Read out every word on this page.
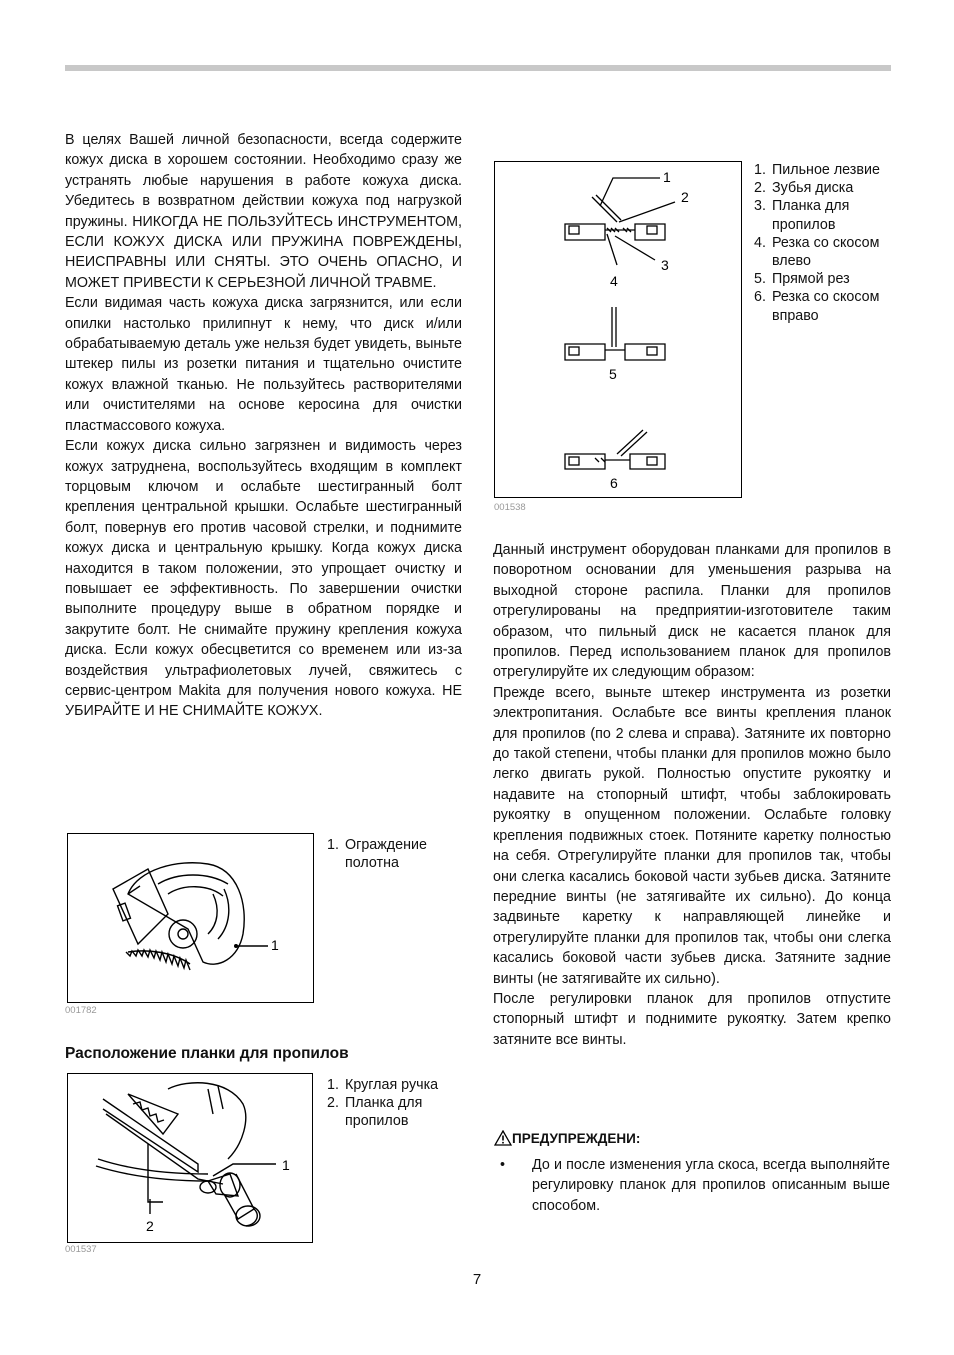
В целях Вашей личной безопасности, всегда содержите кожух диска в хорошем состоянии. Необходимо сразу же устранять любые нарушения в работе кожуха диска. Убедитесь в возвратном действии кожуха под нагрузкой пружины. НИКОГДА НЕ ПОЛЬЗУЙТЕСЬ ИНСТРУМЕНТОМ, ЕСЛИ КОЖУХ ДИСКА ИЛИ ПРУЖИНА ПОВРЕЖДЕНЫ, НЕИСПРАВНЫ ИЛИ СНЯТЫ. ЭТО ОЧЕНЬ ОПАСНО, И МОЖЕТ ПРИВЕСТИ К СЕРЬЕЗНОЙ ЛИЧНОЙ ТРАВМЕ.

Если видимая часть кожуха диска загрязнится, или если опилки настолько прилипнут к нему, что диск и/или обрабатываемую деталь уже нельзя будет увидеть, выньте штекер пилы из розетки питания и тщательно очистите кожух влажной тканью. Не пользуйтесь растворителями или очистителями на основе керосина для очистки пластмассового кожуха.

Если кожух диска сильно загрязнен и видимость через кожух затруднена, воспользуйтесь входящим в комплект торцовым ключом и ослабьте шестигранный болт крепления центральной крышки. Ослабьте шестигранный болт, повернув его против часовой стрелки, и поднимите кожух диска и центральную крышку. Когда кожух диска находится в таком положении, это упрощает очистку и повышает ее эффективность. По завершении очистки выполните процедуру выше в обратном порядке и закрутите болт. Не снимайте пружину крепления кожуха диска. Если кожух обесцветится со временем или из-за воздействия ультрафиолетовых лучей, свяжитесь с сервис-центром Makita для получения нового кожуха. НЕ УБИРАЙТЕ И НЕ СНИМАЙТЕ КОЖУХ.

1
001782
1. Ограждение полотна
Расположение планки для пропилов
1
2
001537
1. Круглая ручка
2. Планка для пропилов
1
2
3
4
5
6
001538
1. Пильное лезвие
2. Зубья диска
3. Планка для пропилов
4. Резка со скосом влево
5. Прямой рез
6. Резка со скосом вправо

Данный инструмент оборудован планками для пропилов в поворотном основании для уменьшения разрыва на выходной стороне распила. Планки для пропилов отрегулированы на предприятии-изготовителе таким образом, что пильный диск не касается планок для пропилов. Перед использованием планок для пропилов отрегулируйте их следующим образом:

Прежде всего, выньте штекер инструмента из розетки электропитания. Ослабьте все винты крепления планок для пропилов (по 2 слева и справа). Затяните их повторно до такой степени, чтобы планки для пропилов можно было легко двигать рукой. Полностью опустите рукоятку и надавите на стопорный штифт, чтобы заблокировать рукоятку в опущенном положении. Ослабьте головку крепления подвижных стоек. Потяните каретку полностью на себя. Отрегулируйте планки для пропилов так, чтобы они слегка касались боковой части зубьев диска. Затяните передние винты (не затягивайте их сильно). До конца задвиньте каретку к направляющей линейке и отрегулируйте планки для пропилов так, чтобы они слегка касались боковой части зубьев диска. Затяните задние винты (не затягивайте их сильно).

После регулировки планок для пропилов отпустите стопорный штифт и поднимите рукоятку. Затем крепко затяните все винты.

ПРЕДУПРЕЖДЕНИ:
• До и после изменения угла скоса, всегда выполняйте регулировку планок для пропилов описанным выше способом.
7
